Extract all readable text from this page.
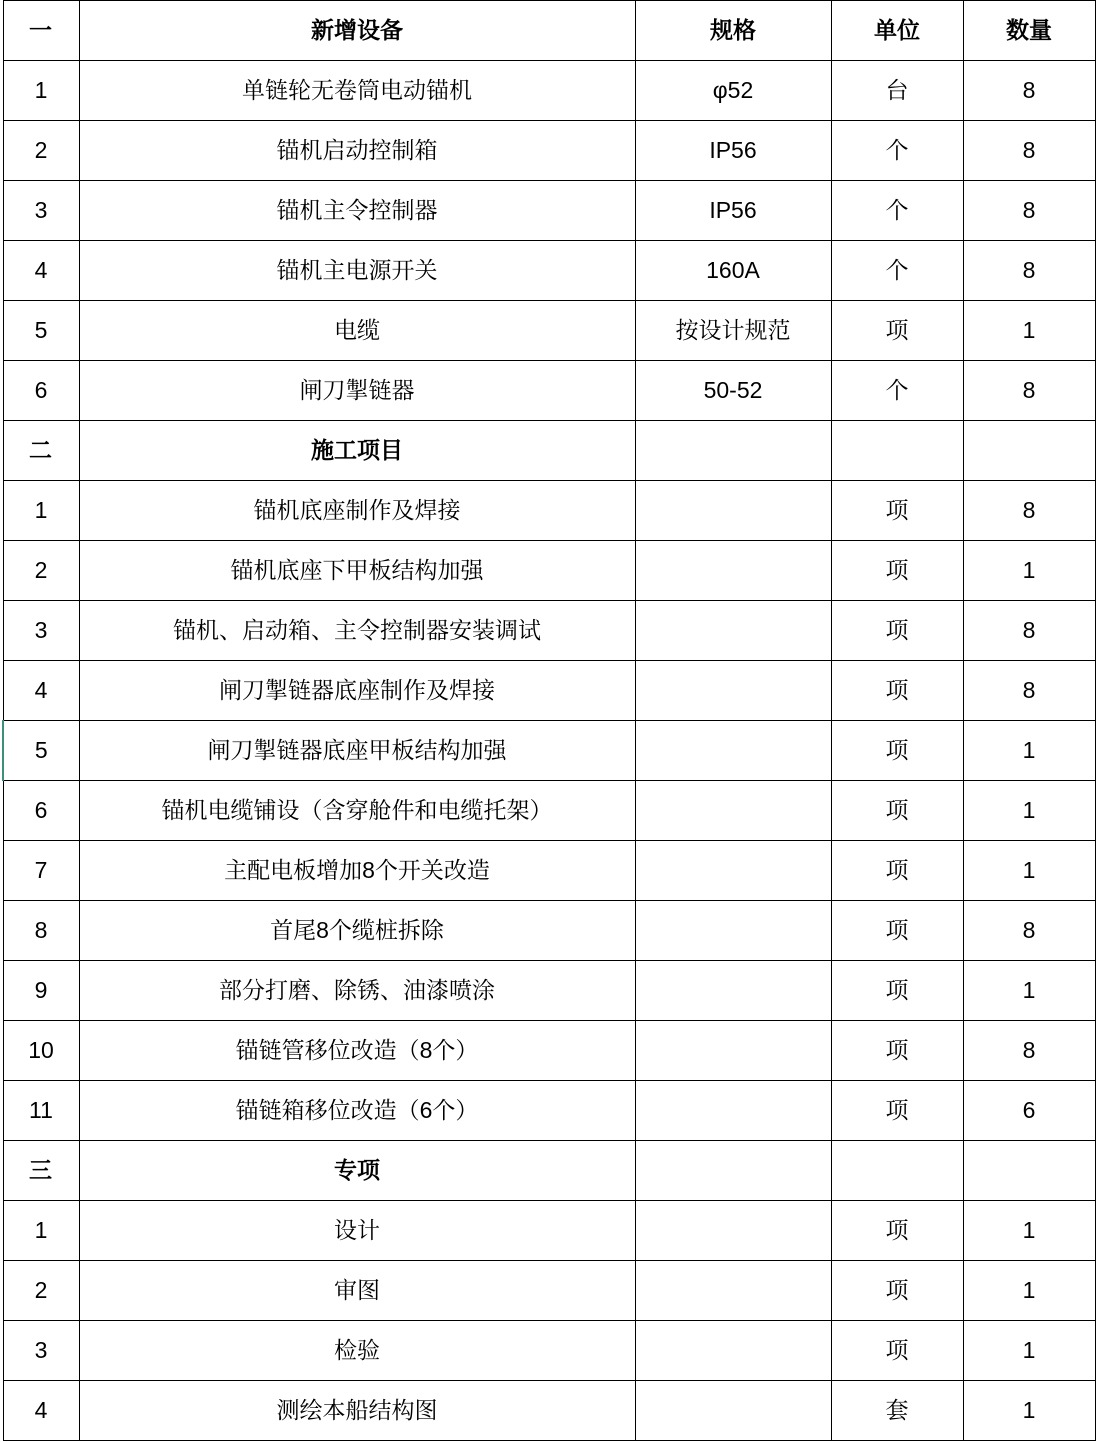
一	新增设备	规格	单位	数量
1	单链轮无卷筒电动锚机	φ52	台	8
2	锚机启动控制箱	IP56	个	8
3	锚机主令控制器	IP56	个	8
4	锚机主电源开关	160A	个	8
5	电缆	按设计规范	项	1
6	闸刀掣链器	50-52	个	8
二	施工项目			
1	锚机底座制作及焊接		项	8
2	锚机底座下甲板结构加强		项	1
3	锚机、启动箱、主令控制器安装调试		项	8
4	闸刀掣链器底座制作及焊接		项	8
5	闸刀掣链器底座甲板结构加强		项	1
6	锚机电缆铺设（含穿舱件和电缆托架）		项	1
7	主配电板增加8个开关改造		项	1
8	首尾8个缆桩拆除		项	8
9	部分打磨、除锈、油漆喷涂		项	1
10	锚链管移位改造（8个）		项	8
11	锚链箱移位改造（6个）		项	6
三	专项			
1	设计		项	1
2	审图		项	1
3	检验		项	1
4	测绘本船结构图		套	1
